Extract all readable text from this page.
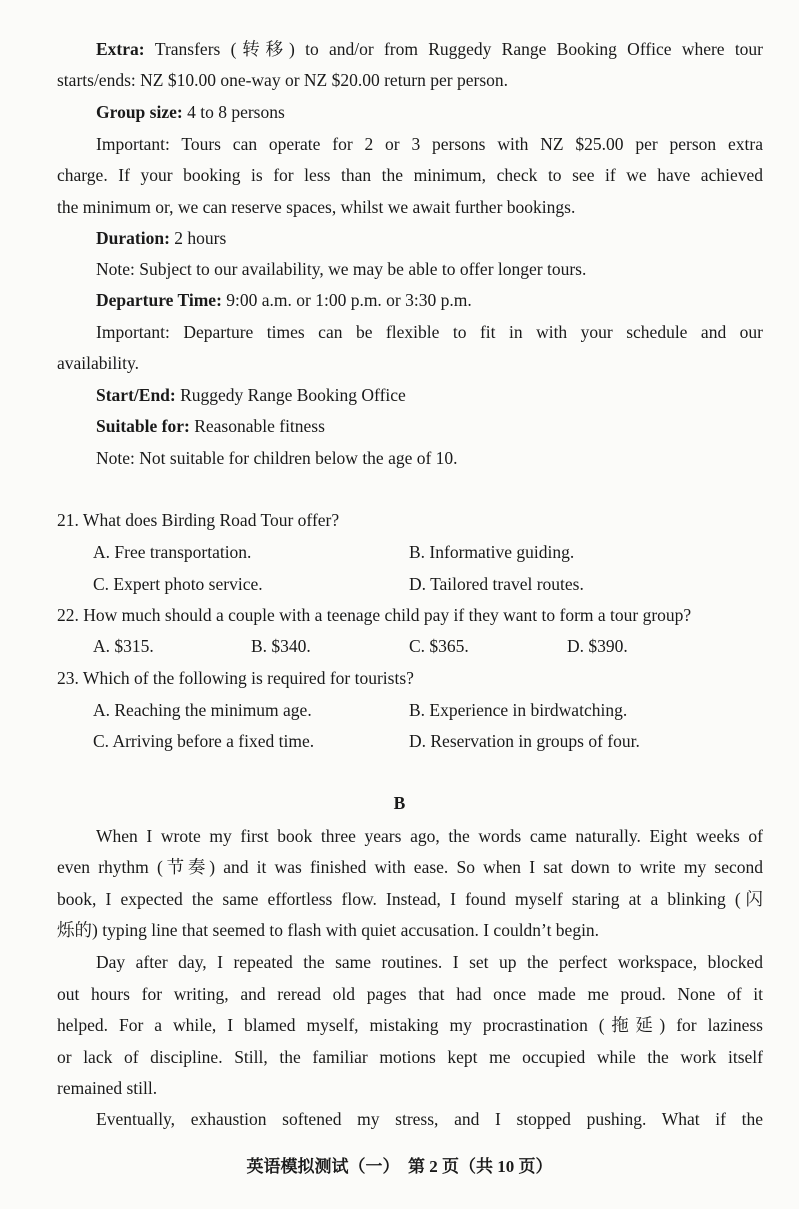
Extra: Transfers (转移) to and/or from Ruggedy Range Booking Office where tour
starts/ends: NZ $10.00 one-way or NZ $20.00 return per person.
Group size: 4 to 8 persons
Important: Tours can operate for 2 or 3 persons with NZ $25.00 per person extra
charge. If your booking is for less than the minimum, check to see if we have achieved
the minimum or, we can reserve spaces, whilst we await further bookings.
Duration: 2 hours
Note: Subject to our availability, we may be able to offer longer tours.
Departure Time: 9:00 a.m. or 1:00 p.m. or 3:30 p.m.
Important: Departure times can be flexible to fit in with your schedule and our
availability.
Start/End: Ruggedy Range Booking Office
Suitable for: Reasonable fitness
Note: Not suitable for children below the age of 10.
21. What does Birding Road Tour offer?
A. Free transportation.	B. Informative guiding.
C. Expert photo service.	D. Tailored travel routes.
22. How much should a couple with a teenage child pay if they want to form a tour group?
A. $315.	B. $340.	C. $365.	D. $390.
23. Which of the following is required for tourists?
A. Reaching the minimum age.	B. Experience in birdwatching.
C. Arriving before a fixed time.	D. Reservation in groups of four.
B
When I wrote my first book three years ago, the words came naturally. Eight weeks of
even rhythm (节奏) and it was finished with ease. So when I sat down to write my second
book, I expected the same effortless flow. Instead, I found myself staring at a blinking (闪
烁的) typing line that seemed to flash with quiet accusation. I couldn’t begin.
Day after day, I repeated the same routines. I set up the perfect workspace, blocked
out hours for writing, and reread old pages that had once made me proud. None of it
helped. For a while, I blamed myself, mistaking my procrastination (拖延) for laziness
or lack of discipline. Still, the familiar motions kept me occupied while the work itself
remained still.
Eventually, exhaustion softened my stress, and I stopped pushing. What if the
英语模拟测试（一）  第 2 页（共 10 页）
